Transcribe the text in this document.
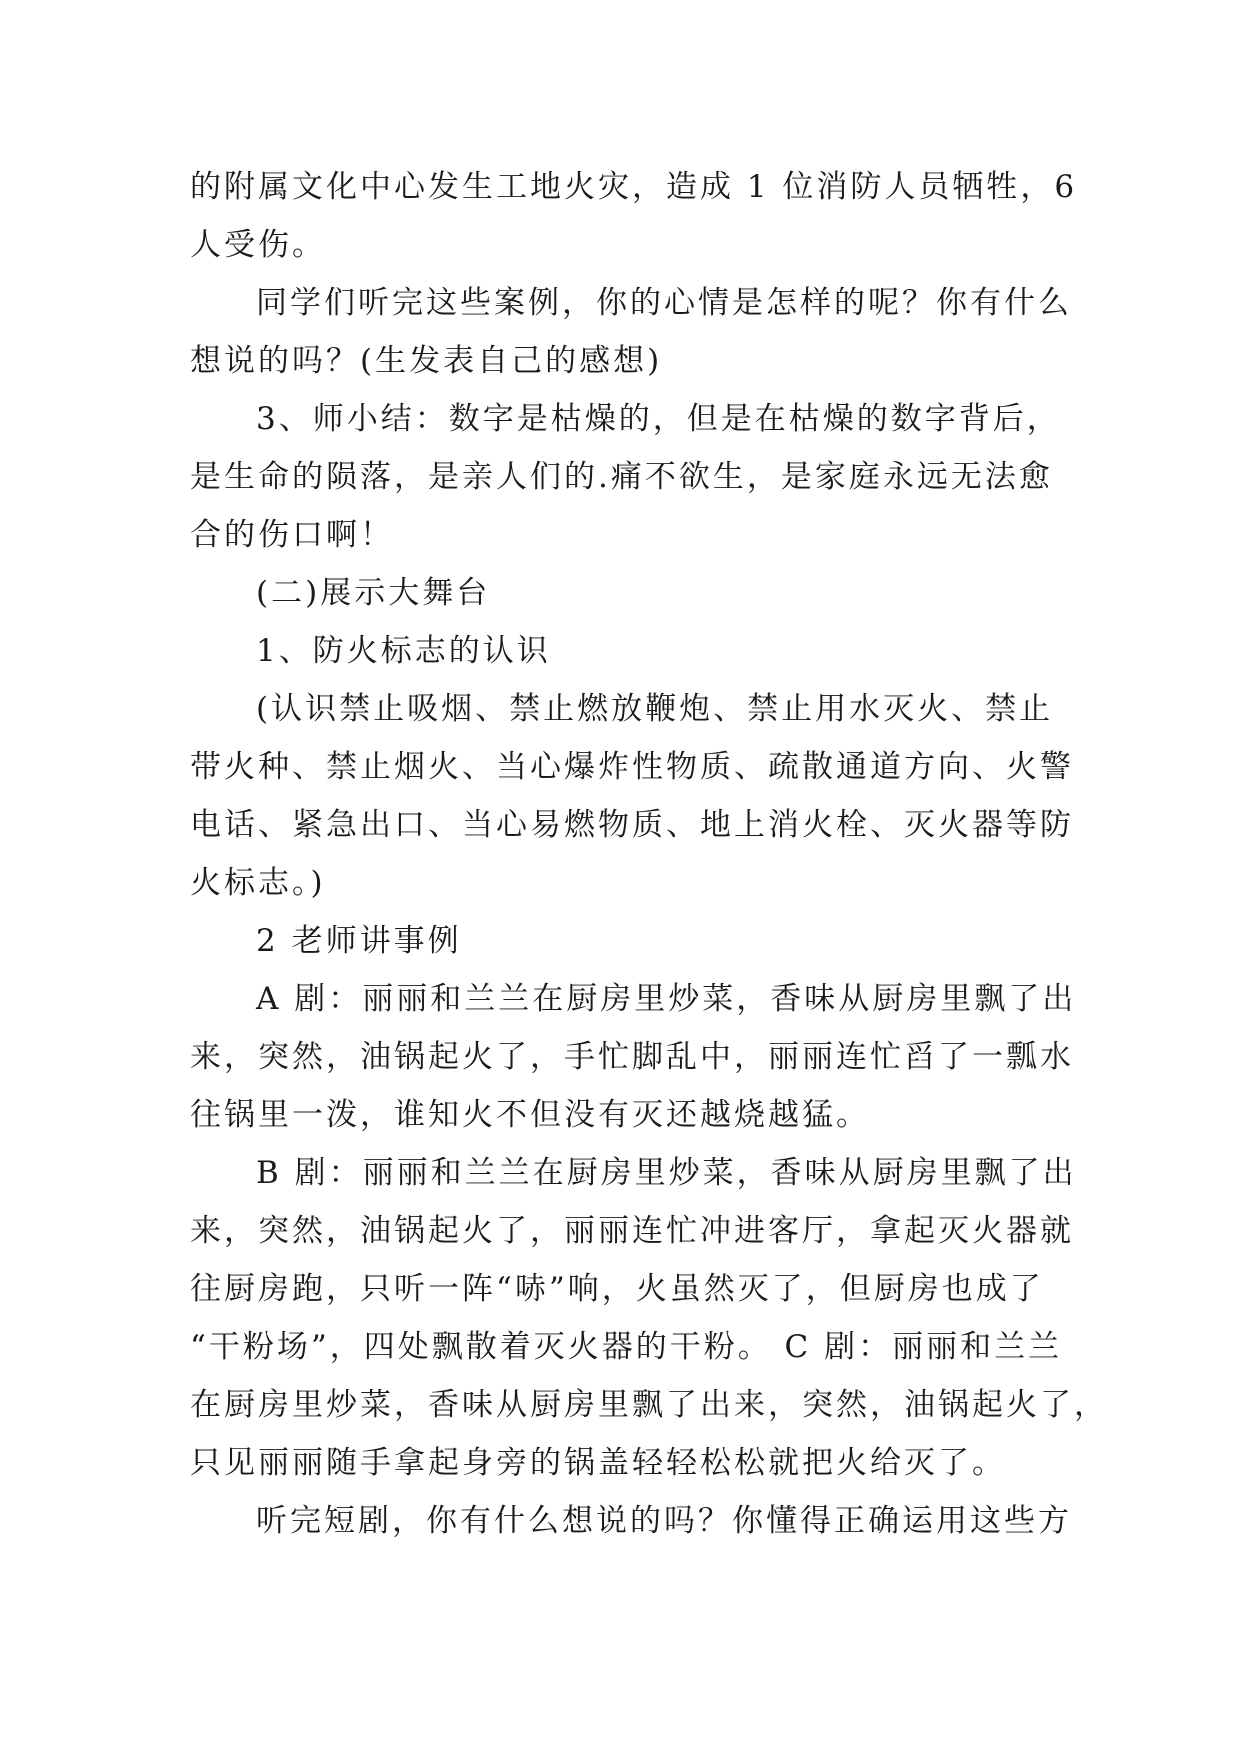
的附属文化中心发生工地火灾，造成 1 位消防人员牺牲，6
人受伤。

同学们听完这些案例，你的心情是怎样的呢？你有什么
想说的吗？(生发表自己的感想)

3、师小结：数字是枯燥的，但是在枯燥的数字背后，
是生命的陨落，是亲人们的.痛不欲生，是家庭永远无法愈
合的伤口啊！

(二)展示大舞台

1、防火标志的认识

(认识禁止吸烟、禁止燃放鞭炮、禁止用水灭火、禁止
带火种、禁止烟火、当心爆炸性物质、疏散通道方向、火警
电话、紧急出口、当心易燃物质、地上消火栓、灭火器等防
火标志。)

2 老师讲事例

A 剧：丽丽和兰兰在厨房里炒菜，香味从厨房里飘了出
来，突然，油锅起火了，手忙脚乱中，丽丽连忙舀了一瓢水
往锅里一泼，谁知火不但没有灭还越烧越猛。

B 剧：丽丽和兰兰在厨房里炒菜，香味从厨房里飘了出
来，突然，油锅起火了，丽丽连忙冲进客厅，拿起灭火器就
往厨房跑，只听一阵“哧”响，火虽然灭了，但厨房也成了
“干粉场”，四处飘散着灭火器的干粉。 C 剧：丽丽和兰兰
在厨房里炒菜，香味从厨房里飘了出来，突然，油锅起火了，
只见丽丽随手拿起身旁的锅盖轻轻松松就把火给灭了。

听完短剧，你有什么想说的吗？你懂得正确运用这些方
